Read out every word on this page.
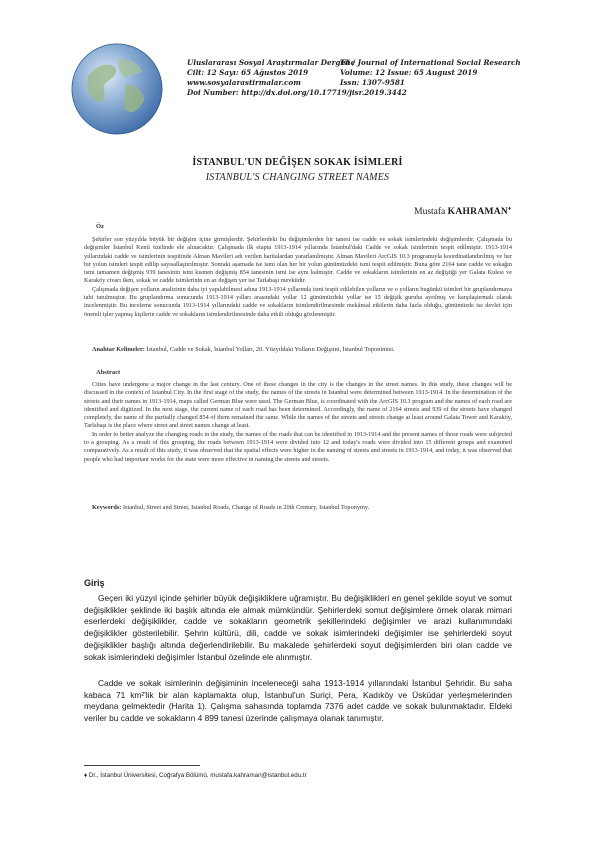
Uluslararası Sosyal Araştırmalar Dergisi /
Cilt: 12 Sayı: 65 Ağustos 2019
www.sosyalarastirmalar.com
The Journal of International Social Research
Volume: 12 Issue: 65 August 2019
Issn: 1307-9581
Doi Number: http://dx.doi.org/10.17719/jisr.2019.3442
İSTANBUL'UN DEĞİŞEN SOKAK İSİMLERİ
ISTANBUL'S CHANGING STREET NAMES
Mustafa KAHRAMAN♦
Öz

Şehirler son yüzyılda büyük bir değişim içine girmişlerdir. Şehirlerdeki bu değişimlerden bir tanesi ise cadde ve sokak isimlerindeki değişimlerdir. Çalışmada bu değişimler İstanbul Kenti özelinde ele alınacaktır. Çalışmada ilk etapta 1913-1914 yıllarında İstanbul'daki Cadde ve sokak isimlerinin tespit edilmiştir. 1913-1914 yıllarındaki cadde ve isimlerinin tespitinde Alman Mavileri adı verilen haritalardan yararlanılmıştır. Alman Mavileri ArcGIS 10.3 programıyla koordinatlandırılmış ve her bir yolun isimleri tespit edilip sayısallaştırılmıştır. Sonraki aşamada ise ismi olan her bir yolun günümüzdeki ismi tespit edilmiştir. Buna göre 2164 tane cadde ve sokağın ismi tamamen değişmiş 939 tanesinin ismi kısmen değişmiş 854 tanesinin ismi ise aynı kalmıştır. Cadde ve sokakların isimlerinin en az değiştiği yer Galata Kulesi ve Karaköy civarı iken, sokak ve cadde isimlerinin en az değişen yer ise Tarlabaşı mevkiidir.

Çalışmada değişen yolların analizinin daha iyi yapılabilmesi adına 1913-1914 yıllarında ismi tespit edilebilen yolların ve o yolların bugünkü isimleri bir gruplandırmaya tabi tutulmuştur. Bu gruplandırma sonucunda 1913-1914 yılları arasındaki yollar 12 günümüzdeki yollar ise 15 değişik guruba ayrılmış ve karşılaştırmalı olarak incelenmiştir. Bu inceleme sonucunda 1913-1914 yıllarındaki cadde ve sokakların isimlendirilmesinde mekânsal etkilerin daha fazla olduğu, günümüzde ise devlet için önemli işler yapmış kişilerin cadde ve sokakların isimlendirilmesinde daha etkili olduğu gözlenmiştir.

Anahtar Kelimeler: İstanbul, Cadde ve Sokak, İstanbul Yolları, 20. Yüzyıldaki Yolların Değişimi, İstanbul Toponimisi.
Abstract

Cities have undergone a major change in the last century. One of these changes in the city is the changes in the street names. In this study, these changes will be discussed in the context of Istanbul City. In the first stage of the study, the names of the streets in Istanbul were determined between 1913-1914. In the determination of the streets and their names in 1913-1914, maps called German Blue were used. The German Blue, is coordinated with the ArcGIS 10.3 program and the names of each road are identified and digitized. In the next stage, the current name of each road has been determined. Accordingly, the name of 2164 streets and 939 of the streets have changed completely, the name of the partially changed 854 of them remained the same. While the names of the streets and streets change at least around Galata Tower and Karaköy, Tarlabaşı is the place where street and street names change at least.

In order to better analyze the changing roads in the study, the names of the roads that can be identified in 1913-1914 and the present names of those roads were subjected to a grouping. As a result of this grouping, the roads between 1913-1914 were divided into 12 and today's roads were divided into 15 different groups and examined comparatively. As a result of this study, it was observed that the spatial effects were higher in the naming of streets and streets in 1913-1914, and today, it was observed that people who had important works for the state were more effective in naming the streets and streets.

Keywords: Istanbul, Street and Street, Istanbul Roads, Change of Roads in 20th Century, Istanbul Toponymy.
Giriş

Geçen iki yüzyıl içinde şehirler büyük değişikliklere uğramıştır. Bu değişiklikleri en genel şekilde soyut ve somut değişiklikler şeklinde iki başlık altında ele almak mümkündür. Şehirlerdeki somut değişimlere örnek olarak mimari eserlerdeki değişiklikler, cadde ve sokakların geometrik şekillerindeki değişimler ve arazi kullanımındaki değişiklikler gösterilebilir. Şehrin kültürü, dili, cadde ve sokak isimlerindeki değişimler ise şehirlerdeki soyut değişiklikler başlığı altında değerlendirilebilir. Bu makalede şehirlerdeki soyut değişimlerden biri olan cadde ve sokak isimlerindeki değişimler İstanbul özelinde ele alınmıştır.

Cadde ve sokak isimlerinin değişiminin inceleneceği saha 1913-1914 yıllarındaki İstanbul Şehridir. Bu saha kabaca 71 km²'lik bir alan kaplamakta olup, İstanbul'un Suriçi, Pera, Kadıköy ve Üsküdar yerleşmelerinden meydana gelmektedir (Harita 1). Çalışma sahasında toplamda 7376 adet cadde ve sokak bulunmaktadır. Eldeki veriler bu cadde ve sokakların 4 899 tanesi üzerinde çalışmaya olanak tanımıştır.

♦ Dr., İstanbul Üniversitesi, Coğrafya Bölümü, mustafa.kahraman@istanbul.edu.tr
